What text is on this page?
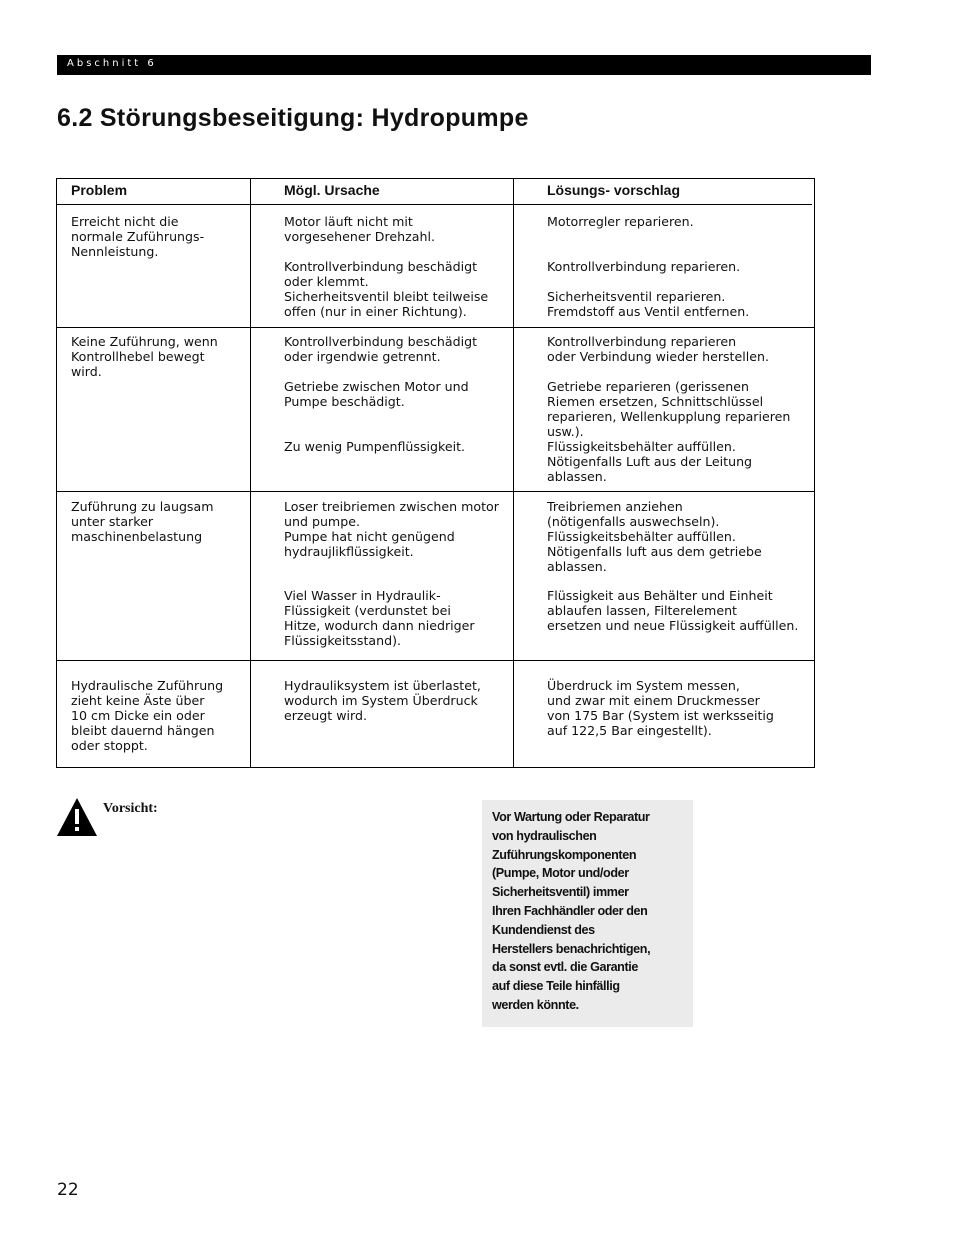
Abschnitt 6
6.2 Störungsbeseitigung: Hydropumpe
Problem	Mögl. Ursache	Lösungs- vorschlag
Erreicht nicht die
normale Zuführungs-
Nennleistung.
Motor läuft nicht mit
vorgesehener Drehzahl.
Kontrollverbindung beschädigt
oder klemmt.
Sicherheitsventil bleibt teilweise
offen (nur in einer Richtung).
Motorregler reparieren.
Kontrollverbindung reparieren.
Sicherheitsventil reparieren.
Fremdstoff aus Ventil entfernen.
Keine Zuführung, wenn
Kontrollhebel bewegt
wird.
Kontrollverbindung beschädigt
oder irgendwie getrennt.
Getriebe zwischen Motor und
Pumpe beschädigt.
Zu wenig Pumpenflüssigkeit.
Kontrollverbindung reparieren
oder Verbindung wieder herstellen.
Getriebe reparieren (gerissenen
Riemen ersetzen, Schnittschlüssel
reparieren, Wellenkupplung reparieren
usw.).
Flüssigkeitsbehälter auffüllen.
Nötigenfalls Luft aus der Leitung
ablassen.
Zuführung zu laugsam
unter starker
maschinenbelastung
Loser treibriemen zwischen motor
und pumpe.
Pumpe hat nicht genügend
hydraujlikflüssigkeit.
Viel Wasser in Hydraulik-
Flüssigkeit (verdunstet bei
Hitze, wodurch dann niedriger
Flüssigkeitsstand).
Treibriemen anziehen
(nötigenfalls auswechseln).
Flüssigkeitsbehälter auffüllen.
Nötigenfalls luft aus dem getriebe
ablassen.
Flüssigkeit aus Behälter und Einheit
ablaufen lassen, Filterelement
ersetzen und neue Flüssigkeit auffüllen.
Hydraulische Zuführung
zieht keine Äste über
10 cm Dicke ein oder
bleibt dauernd hängen
oder stoppt.
Hydrauliksystem ist überlastet,
wodurch im System Überdruck
erzeugt wird.
Überdruck im System messen,
und zwar mit einem Druckmesser
von 175 Bar (System ist werksseitig
auf 122,5 Bar eingestellt).
Vorsicht:
Vor Wartung oder Reparatur
von hydraulischen
Zuführungskomponenten
(Pumpe, Motor und/oder
Sicherheitsventil) immer
Ihren Fachhändler oder den
Kundendienst des
Herstellers benachrichtigen,
da sonst evtl. die Garantie
auf diese Teile hinfällig
werden könnte.
22
